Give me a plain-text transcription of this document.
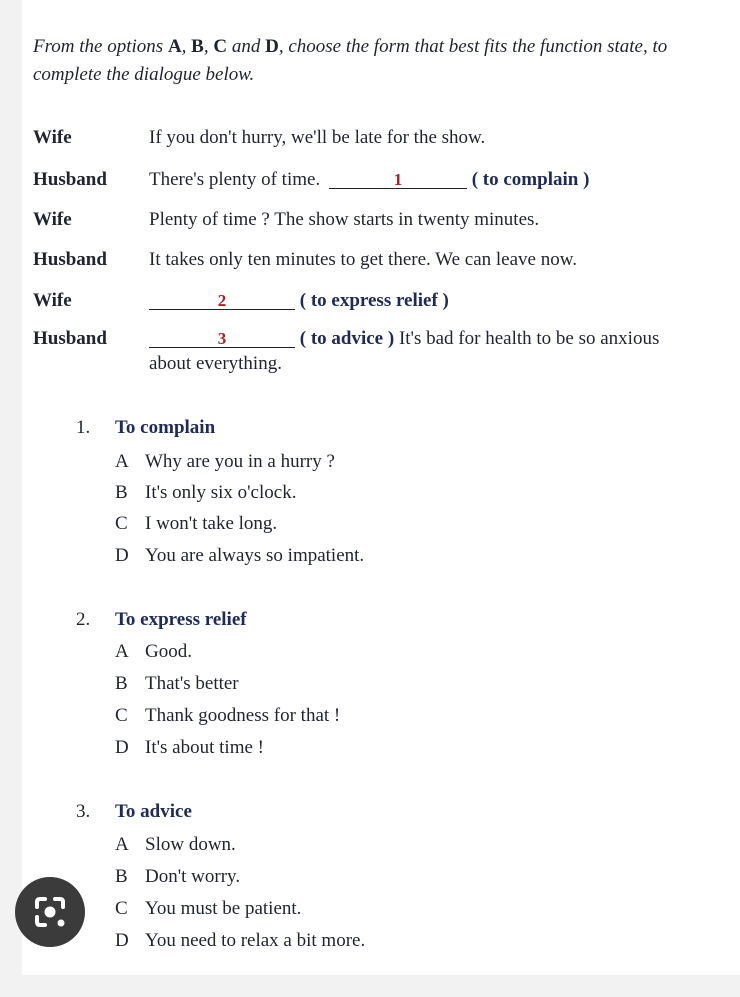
From the options A, B, C and D, choose the form that best fits the function state, to complete the dialogue below.
Wife	If you don't hurry, we'll be late for the show.
Husband There's plenty of time.	1	( to complain )
Wife	Plenty of time ? The show starts in twenty minutes.
Husband It takes only ten minutes to get there. We can leave now.
Wife	2	( to express relief )
Husband	3	( to advice ) It's bad for health to be so anxious
about everything.
1. To complain
A Why are you in a hurry ?
B It's only six o'clock.
C I won't take long.
D You are always so impatient.
2. To express relief
A Good.
B That's better
C Thank goodness for that !
D It's about time !
3. To advice
A Slow down.
B Don't worry.
C You must be patient.
D You need to relax a bit more.
